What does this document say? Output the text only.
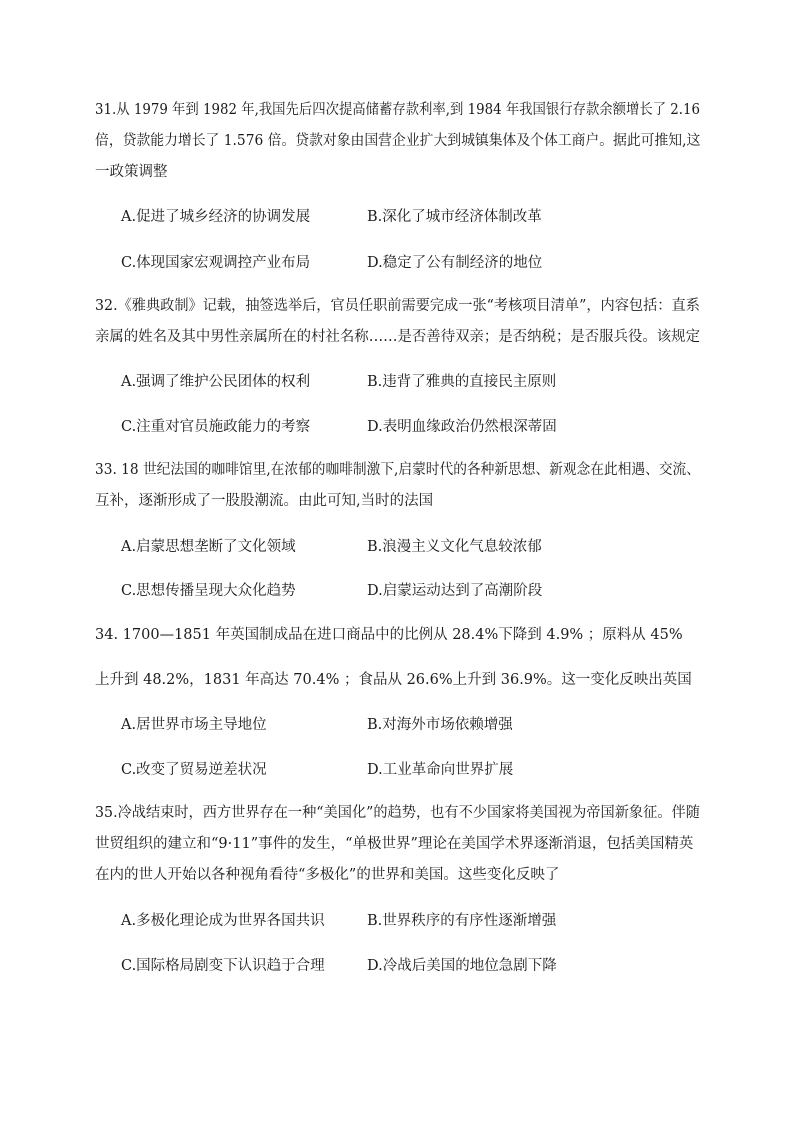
31.从 1979 年到 1982 年,我国先后四次提高储蓄存款利率,到 1984 年我国银行存款余额增长了 2.16
倍，贷款能力增长了 1.576 倍。贷款对象由国营企业扩大到城镇集体及个体工商户。据此可推知,这
一政策调整
A.促进了城乡经济的协调发展	B.深化了城市经济体制改革
C.体现国家宏观调控产业布局	D.稳定了公有制经济的地位
32.《雅典政制》记载，抽签选举后，官员任职前需要完成一张“考核项目清单”，内容包括：直系
亲属的姓名及其中男性亲属所在的村社名称……是否善待双亲；是否纳税；是否服兵役。该规定
A.强调了维护公民团体的权利	B.违背了雅典的直接民主原则
C.注重对官员施政能力的考察	D.表明血缘政治仍然根深蒂固
33. 18 世纪法国的咖啡馆里,在浓郁的咖啡制激下,启蒙时代的各种新思想、新观念在此相遇、交流、
互补，逐渐形成了一股股潮流。由此可知,当时的法国
A.启蒙思想垄断了文化领域	B.浪漫主义文化气息较浓郁
C.思想传播呈现大众化趋势	D.启蒙运动达到了高潮阶段
34. 1700—1851 年英国制成品在进口商品中的比例从 28.4%下降到 4.9% ；原料从 45%
上升到 48.2%，1831 年高达 70.4% ；食品从 26.6%上升到 36.9%。这一变化反映出英国
A.居世界市场主导地位	B.对海外市场依赖增强
C.改变了贸易逆差状况	D.工业革命向世界扩展
35.冷战结束时，西方世界存在一种“美国化”的趋势，也有不少国家将美国视为帝国新象征。伴随
世贸组织的建立和“9·11”事件的发生，“单极世界”理论在美国学术界逐渐消退，包括美国精英
在内的世人开始以各种视角看待“多极化”的世界和美国。这些变化反映了
A.多极化理论成为世界各国共识	B.世界秩序的有序性逐渐增强
C.国际格局剧变下认识趋于合理	D.冷战后美国的地位急剧下降
